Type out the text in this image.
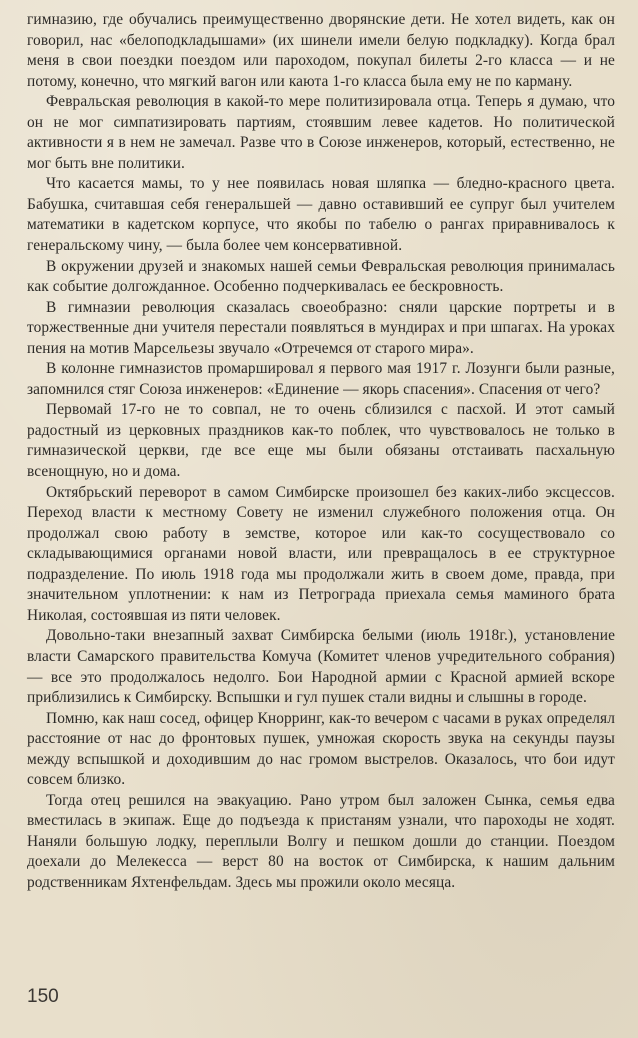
гимназию, где обучались преимущественно дворянские дети. Не хотел видеть, как он говорил, нас «белоподкладышами» (их шинели имели белую подкладку). Когда брал меня в свои поездки поездом или пароходом, покупал билеты 2-го класса — и не потому, конечно, что мягкий вагон или каюта 1-го класса была ему не по карману.

Февральская революция в какой-то мере политизировала отца. Теперь я думаю, что он не мог симпатизировать партиям, стоявшим левее кадетов. Но политической активности я в нем не замечал. Разве что в Союзе инженеров, который, естественно, не мог быть вне политики.

Что касается мамы, то у нее появилась новая шляпка — бледно-красного цвета. Бабушка, считавшая себя генеральшей — давно оставивший ее супруг был учителем математики в кадетском корпусе, что якобы по табелю о рангах приравнивалось к генеральскому чину, — была более чем консервативной.

В окружении друзей и знакомых нашей семьи Февральская революция принималась как событие долгожданное. Особенно подчеркивалась ее бескровность.

В гимназии революция сказалась своеобразно: сняли царские портреты и в торжественные дни учителя перестали появляться в мундирах и при шпагах. На уроках пения на мотив Марсельезы звучало «Отречемся от старого мира».

В колонне гимназистов промаршировал я первого мая 1917 г. Лозунги были разные, запомнился стяг Союза инженеров: «Единение — якорь спасения». Спасения от чего?

Первомай 17-го не то совпал, не то очень сблизился с пасхой. И этот самый радостный из церковных праздников как-то поблек, что чувствовалось не только в гимназической церкви, где все еще мы были обязаны отстаивать пасхальную всенощную, но и дома.

Октябрьский переворот в самом Симбирске произошел без каких-либо эксцессов. Переход власти к местному Совету не изменил служебного положения отца. Он продолжал свою работу в земстве, которое или как-то сосуществовало со складывающимися органами новой власти, или превращалось в ее структурное подразделение. По июль 1918 года мы продолжали жить в своем доме, правда, при значительном уплотнении: к нам из Петрограда приехала семья маминого брата Николая, состоявшая из пяти человек.

Довольно-таки внезапный захват Симбирска белыми (июль 1918г.), установление власти Самарского правительства Комуча (Комитет членов учредительного собрания) — все это продолжалось недолго. Бои Народной армии с Красной армией вскоре приблизились к Симбирску. Вспышки и гул пушек стали видны и слышны в городе.

Помню, как наш сосед, офицер Кнорринг, как-то вечером с часами в руках определял расстояние от нас до фронтовых пушек, умножая скорость звука на секунды паузы между вспышкой и доходившим до нас громом выстрелов. Оказалось, что бои идут совсем близко.

Тогда отец решился на эвакуацию. Рано утром был заложен Сынка, семья едва вместилась в экипаж. Еще до подъезда к пристаням узнали, что пароходы не ходят. Наняли большую лодку, переплыли Волгу и пешком дошли до станции. Поездом доехали до Мелекесса — верст 80 на восток от Симбирска, к нашим дальним родственникам Яхтенфельдам. Здесь мы прожили около месяца.

150
